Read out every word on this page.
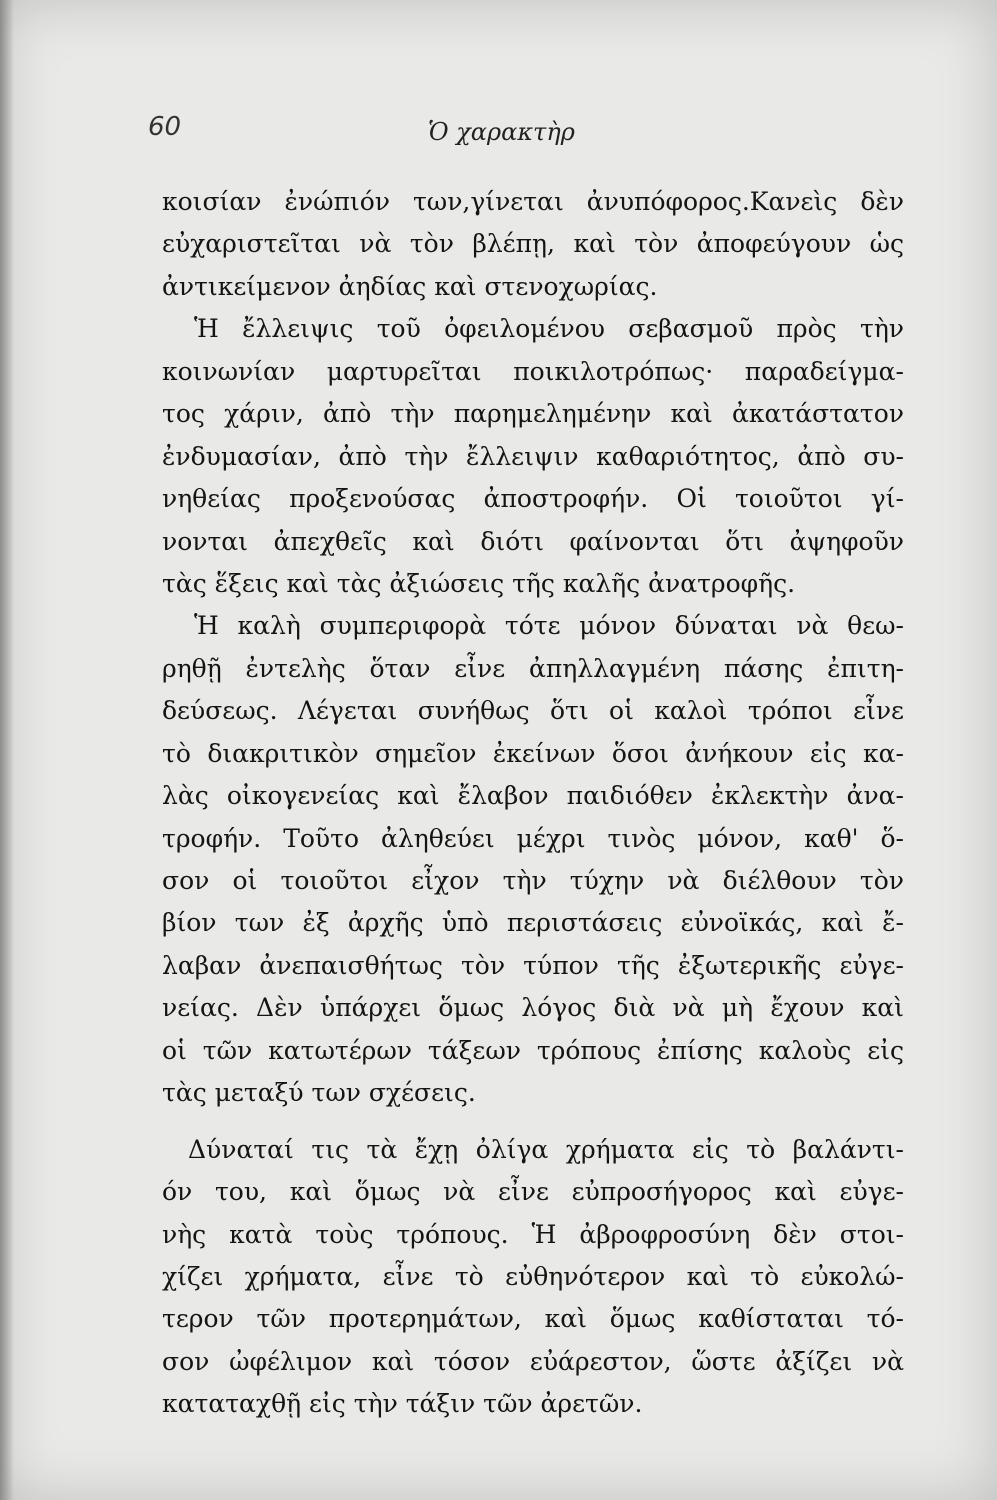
60	Ὁ χαρακτὴρ
κοισίαν ἐνώπιόν των,γίνεται ἀνυπόφορος.Κανεὶς δὲν
εὐχαριστεῖται νὰ τὸν βλέπῃ, καὶ τὸν ἀποφεύγουν ὡς
ἀντικείμενον ἀηδίας καὶ στενοχωρίας.
Ἡ ἔλλειψις τοῦ ὀφειλομένου σεβασμοῦ πρὸς τὴν
κοινωνίαν μαρτυρεῖται ποικιλοτρόπως· παραδείγμα-
τος χάριν, ἀπὸ τὴν παρημελημένην καὶ ἀκατάστατον
ἐνδυμασίαν, ἀπὸ τὴν ἔλλειψιν καθαριότητος, ἀπὸ συ-
νηθείας προξενούσας ἀποστροφήν. Οἱ τοιοῦτοι γί-
νονται ἀπεχθεῖς καὶ διότι φαίνονται ὅτι ἀψηφοῦν
τὰς ἕξεις καὶ τὰς ἀξιώσεις τῆς καλῆς ἀνατροφῆς.
Ἡ καλὴ συμπεριφορὰ τότε μόνον δύναται νὰ θεω-
ρηθῇ ἐντελὴς ὅταν εἶνε ἀπηλλαγμένη πάσης ἐπιτη-
δεύσεως. Λέγεται συνήθως ὅτι οἱ καλοὶ τρόποι εἶνε
τὸ διακριτικὸν σημεῖον ἐκείνων ὅσοι ἀνήκουν εἰς κα-
λὰς οἰκογενείας καὶ ἔλαβον παιδιόθεν ἐκλεκτὴν ἀνα-
τροφήν. Τοῦτο ἀληθεύει μέχρι τινὸς μόνον, καθ' ὅ-
σον οἱ τοιοῦτοι εἶχον τὴν τύχην νὰ διέλθουν τὸν
βίον των ἐξ ἀρχῆς ὑπὸ περιστάσεις εὐνοϊκάς, καὶ ἔ-
λαβαν ἀνεπαισθήτως τὸν τύπον τῆς ἐξωτερικῆς εὐγε-
νείας. Δὲν ὑπάρχει ὅμως λόγος διὰ νὰ μὴ ἔχουν καὶ
οἱ τῶν κατωτέρων τάξεων τρόπους ἐπίσης καλοὺς εἰς
τὰς μεταξύ των σχέσεις.
Δύναταί τις τὰ ἔχῃ ὀλίγα χρήματα εἰς τὸ βαλάντι-
όν του, καὶ ὅμως νὰ εἶνε εὐπροσήγορος καὶ εὐγε-
νὴς κατὰ τοὺς τρόπους. Ἡ ἀβροφροσύνη δὲν στοι-
χίζει χρήματα, εἶνε τὸ εὐθηνότερον καὶ τὸ εὐκολώ-
τερον τῶν προτερημάτων, καὶ ὅμως καθίσταται τό-
σον ὠφέλιμον καὶ τόσον εὐάρεστον, ὥστε ἀξίζει νὰ
καταταχθῇ εἰς τὴν τάξιν τῶν ἀρετῶν.
